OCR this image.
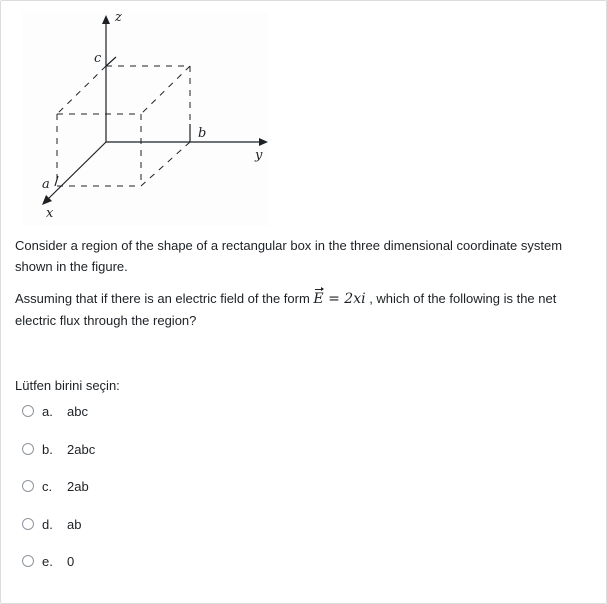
z
y
x
a
b
c
Consider a region of the shape of a rectangular box in the three dimensional coordinate system shown in the figure.
Assuming that if there is an electric field of the form E = 2xi , which of the following is the net electric flux through the region?
Lütfen birini seçin:
a.	abc
b.	2abc
c.	2ab
d.	ab
e.	0
